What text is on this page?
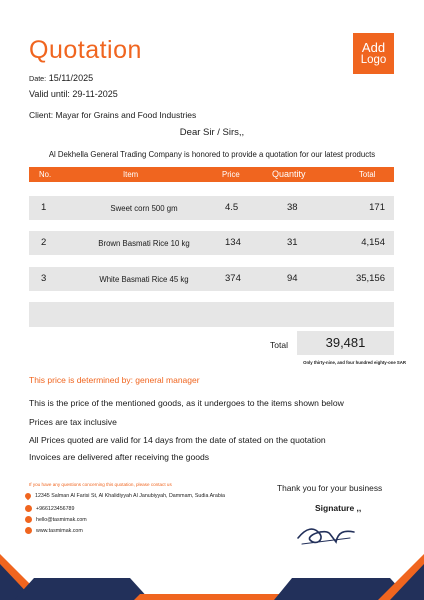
Quotation	Add
Logo
Date: 15/11/2025
Valid until: 29-11-2025
Client: Mayar for Grains and Food Industries
Dear Sir / Sirs,,
Al Dekhella General Trading Company is honored to provide a quotation for our latest products
No.	Item	Price	Quantity	Total
1	Sweet corn 500 gm	4.5	38	171
2	Brown Basmati Rice 10 kg	134	31	4,154
3	White Basmati Rice 45 kg	374	94	35,156
Total	39,481
Only thirty-nine, and four hundred eighty-one SAR
This price is determined by: general manager
This is the price of the mentioned goods, as it undergoes to the items shown below
Prices are tax inclusive
All Prices quoted are valid for 14 days from the date of stated on the quotation
Invoices are delivered after receiving the goods
If you have any questions concerning this quotation, please contact us
12345 Salman Al Farisi St, Al Khalidiyyah Al Janubiyyah, Dammam, Sudia Arabia
+966123456789
hello@tasmimak.com
www.tasmimak.com
Thank you for your business
Signature ,,
